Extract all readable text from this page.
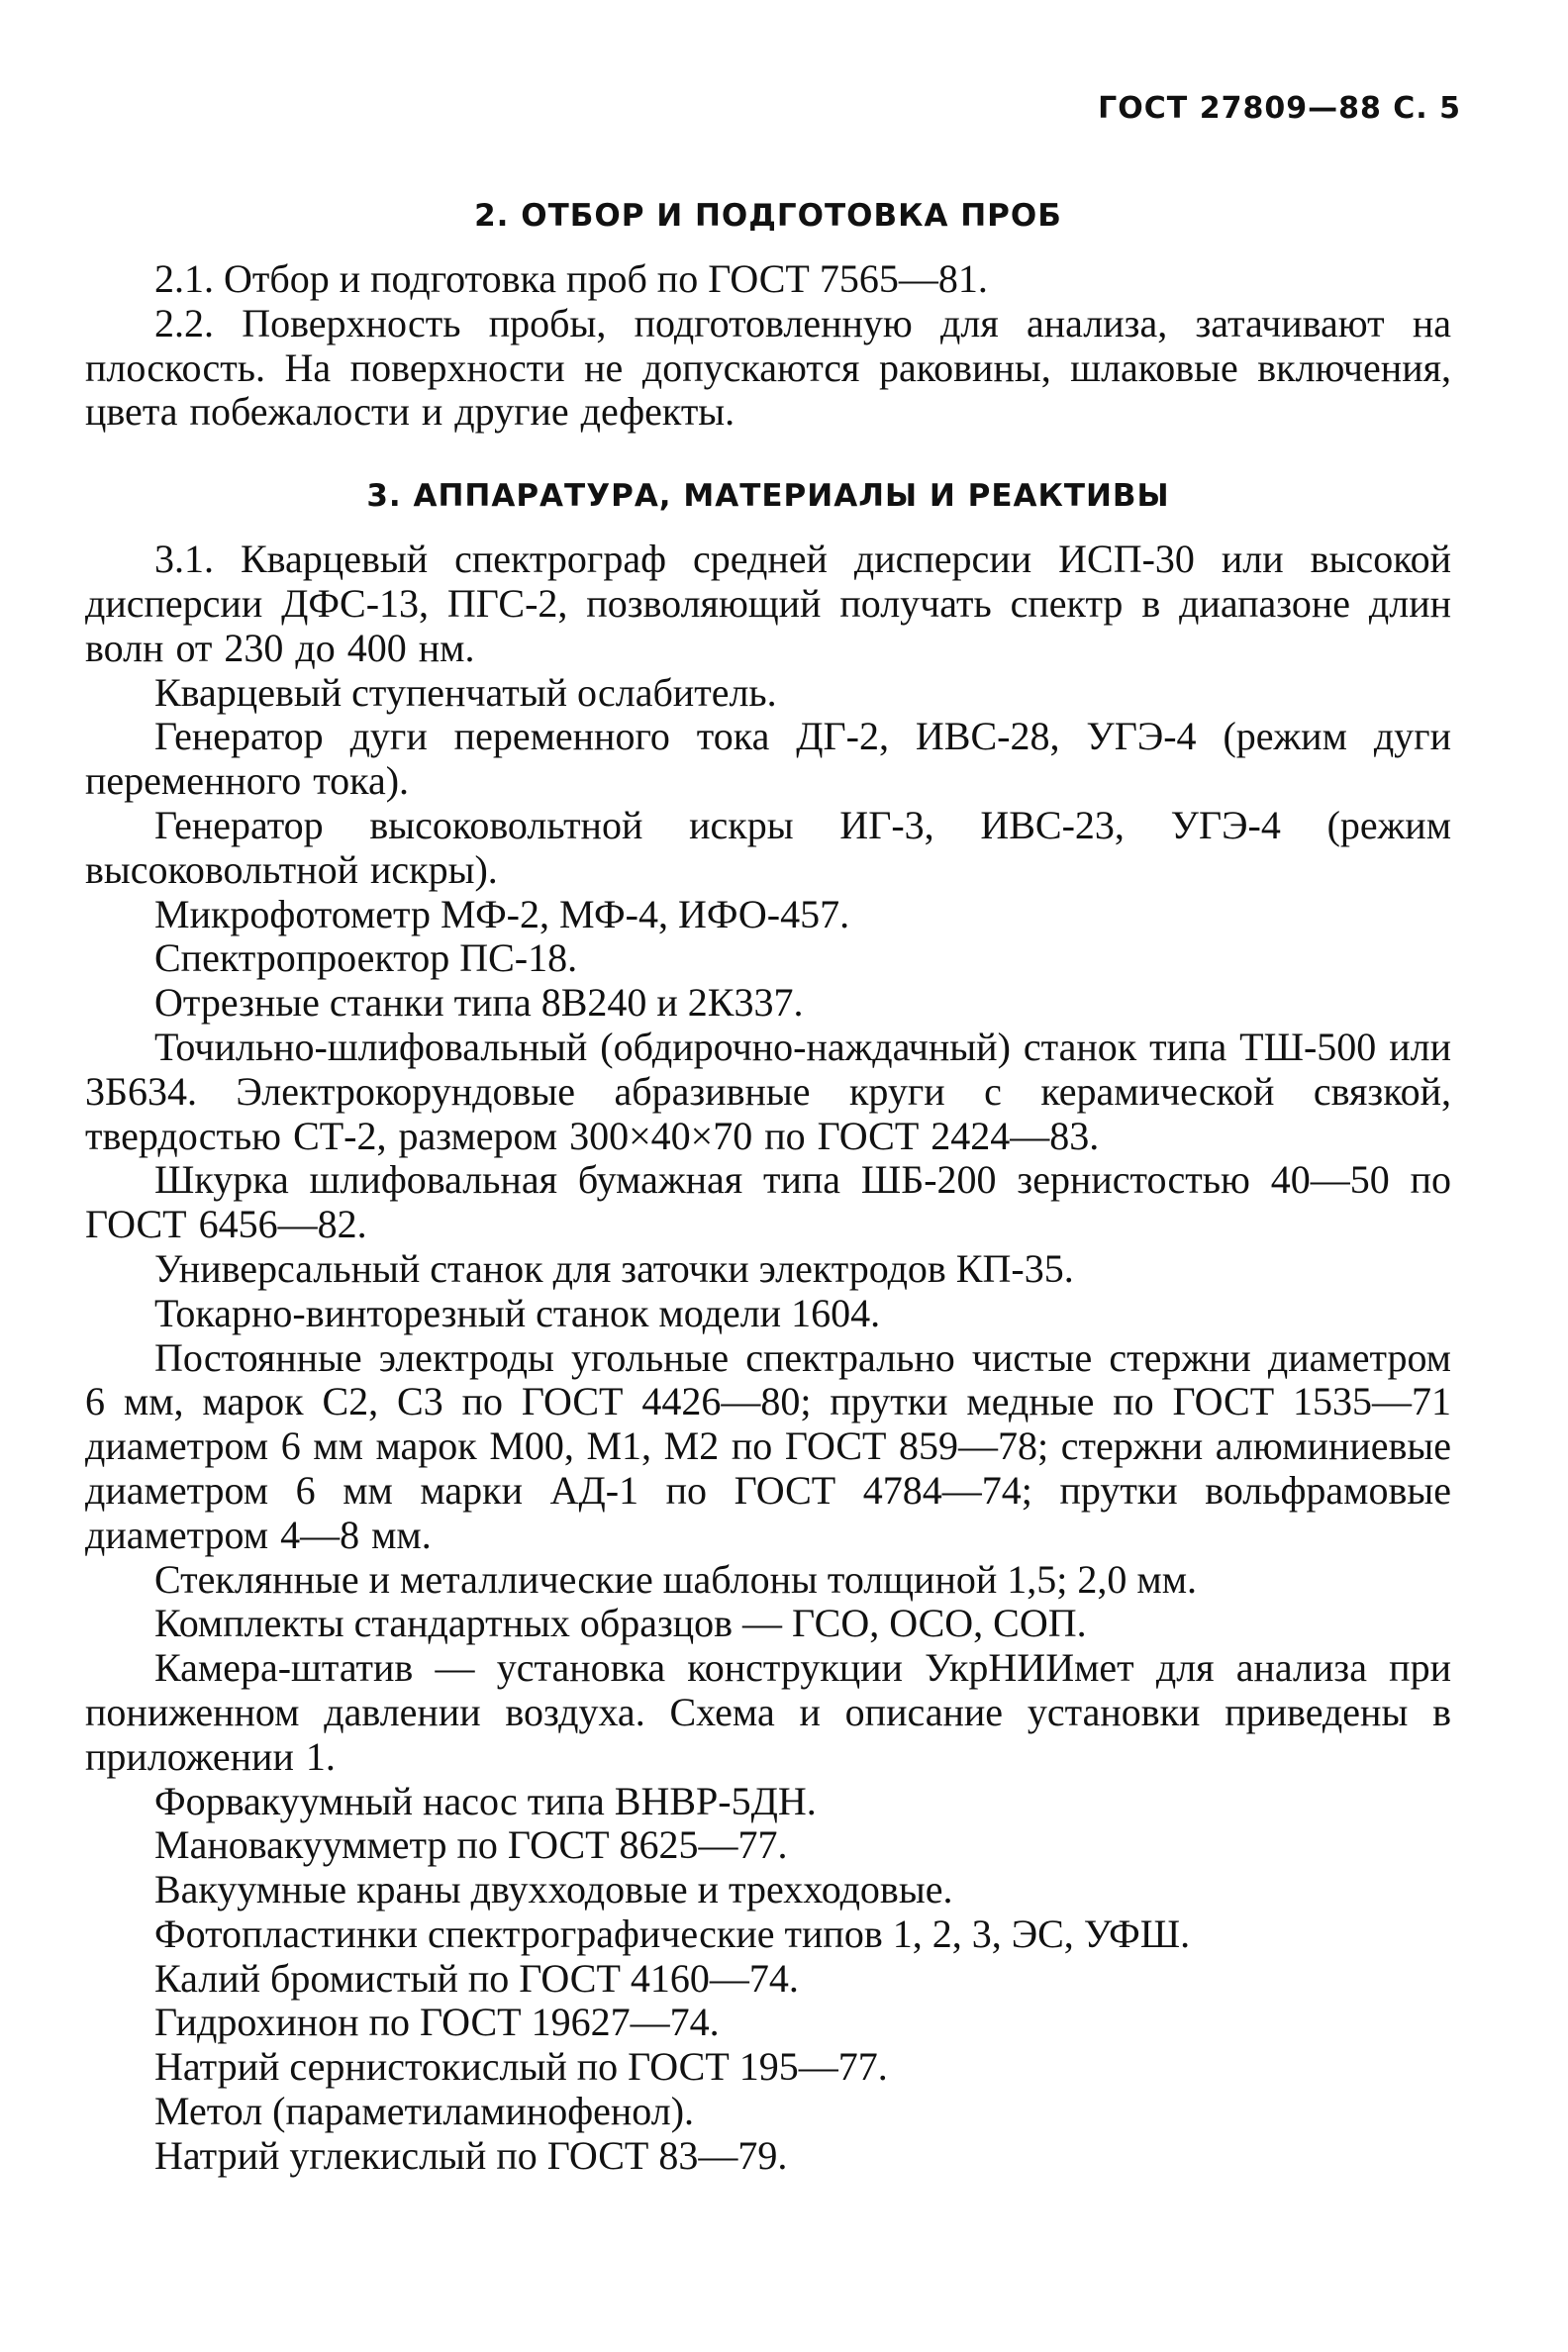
ГОСТ 27809—88 С. 5
2. ОТБОР И ПОДГОТОВКА ПРОБ

2.1. Отбор и подготовка проб по ГОСТ 7565—81.

2.2. Поверхность пробы, подготовленную для анализа, затачивают на плоскость. На поверхности не допускаются раковины, шлаковые включения, цвета побежалости и другие дефекты.

3. АППАРАТУРА, МАТЕРИАЛЫ И РЕАКТИВЫ

3.1. Кварцевый спектрограф средней дисперсии ИСП-30 или высокой дисперсии ДФС-13, ПГС-2, позволяющий получать спектр в диапазоне длин волн от 230 до 400 нм.

Кварцевый ступенчатый ослабитель.

Генератор дуги переменного тока ДГ-2, ИВС-28, УГЭ-4 (режим дуги переменного тока).

Генератор высоковольтной искры ИГ-3, ИВС-23, УГЭ-4 (режим высоковольтной искры).

Микрофотометр МФ-2, МФ-4, ИФО-457.

Спектропроектор ПС-18.

Отрезные станки типа 8В240 и 2К337.

Точильно-шлифовальный (обдирочно-наждачный) станок типа ТШ-500 или 3Б634. Электрокорундовые абразивные круги с керамической связкой, твердостью СТ-2, размером 300×40×70 по ГОСТ 2424—83.

Шкурка шлифовальная бумажная типа ШБ-200 зернистостью 40—50 по ГОСТ 6456—82.

Универсальный станок для заточки электродов КП-35.

Токарно-винторезный станок модели 1604.

Постоянные электроды угольные спектрально чистые стержни диаметром 6 мм, марок С2, С3 по ГОСТ 4426—80; прутки медные по ГОСТ 1535—71 диаметром 6 мм марок М00, М1, М2 по ГОСТ 859—78; стержни алюминиевые диаметром 6 мм марки АД-1 по ГОСТ 4784—74; прутки вольфрамовые диаметром 4—8 мм.

Стеклянные и металлические шаблоны толщиной 1,5; 2,0 мм.

Комплекты стандартных образцов — ГСО, ОСО, СОП.

Камера-штатив — установка конструкции УкрНИИмет для анализа при пониженном давлении воздуха. Схема и описание установки приведены в приложении 1.

Форвакуумный насос типа ВНВР-5ДН.

Мановакуумметр по ГОСТ 8625—77.

Вакуумные краны двухходовые и трехходовые.

Фотопластинки спектрографические типов 1, 2, 3, ЭС, УФШ.

Калий бромистый по ГОСТ 4160—74.

Гидрохинон по ГОСТ 19627—74.

Натрий сернистокислый по ГОСТ 195—77.

Метол (параметиламинофенол).

Натрий углекислый по ГОСТ 83—79.
